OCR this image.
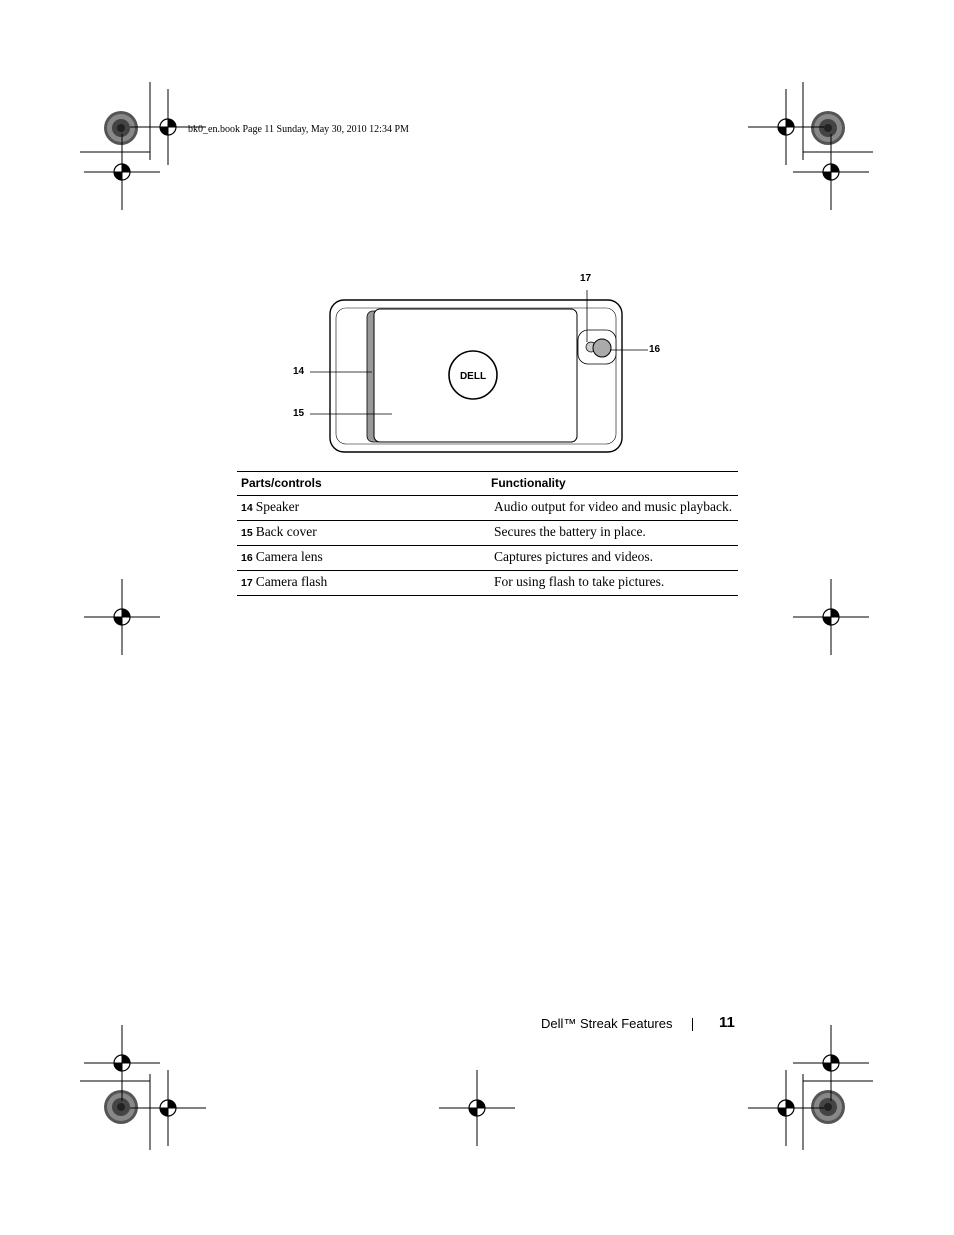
bk0_en.book Page 11 Sunday, May 30, 2010 12:34 PM
DELL
14
15
16
17
Parts/controls	Functionality
14 Speaker	Audio output for video and music playback.
15 Back cover	Secures the battery in place.
16 Camera lens	Captures pictures and videos.
17 Camera flash	For using flash to take pictures.
Dell™ Streak Features	11
